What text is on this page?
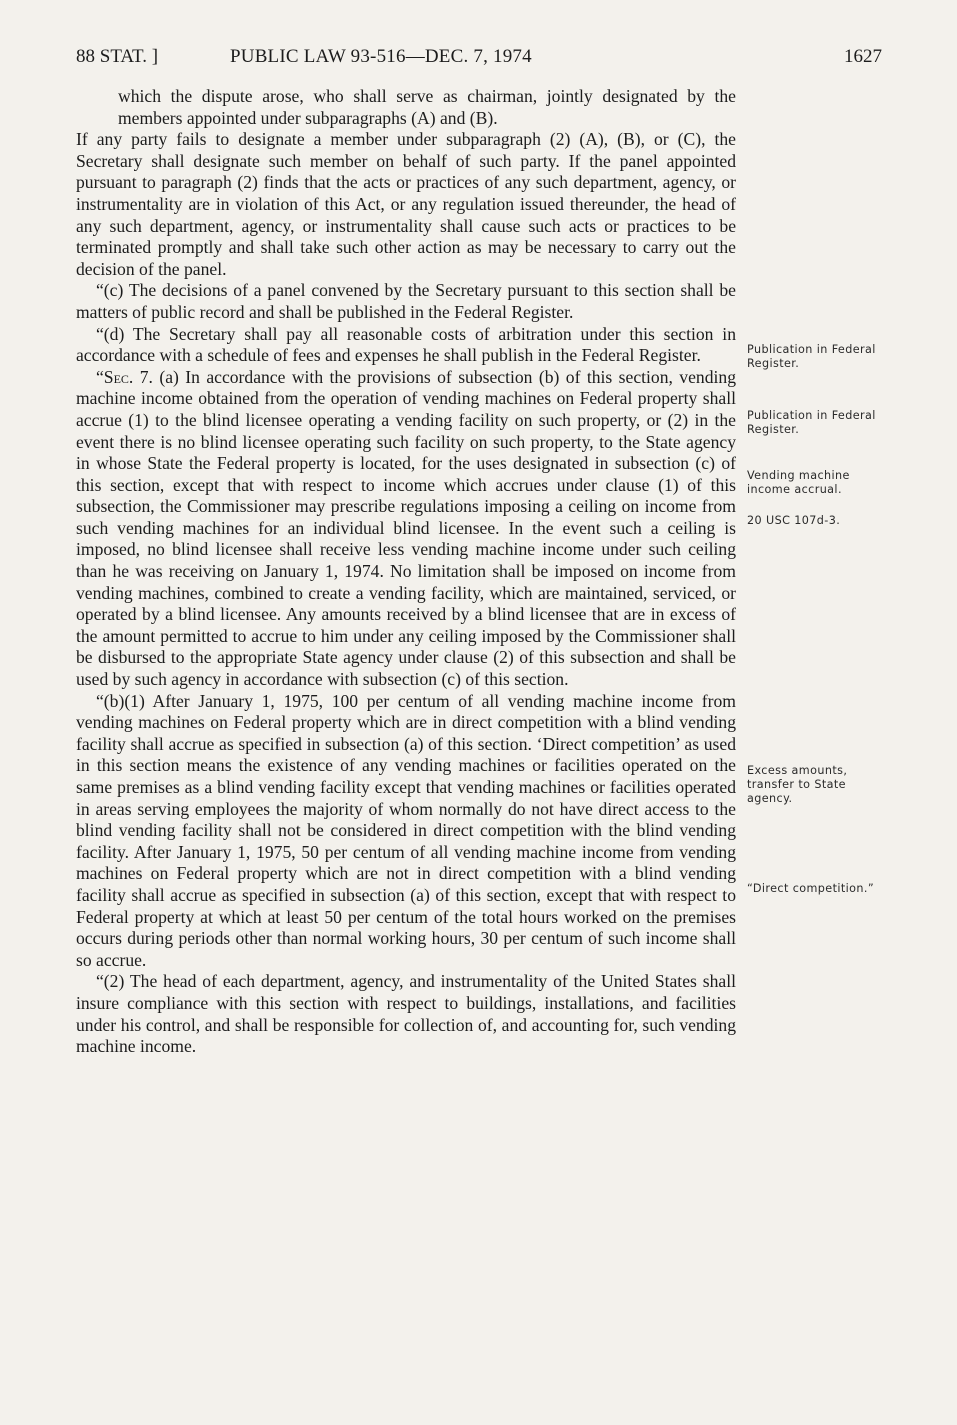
88 STAT. ]	PUBLIC LAW 93-516—DEC. 7, 1974	1627

which the dispute arose, who shall serve as chairman, jointly designated by the members appointed under subparagraphs (A) and (B).

If any party fails to designate a member under subparagraph (2) (A), (B), or (C), the Secretary shall designate such member on behalf of such party. If the panel appointed pursuant to paragraph (2) finds that the acts or practices of any such department, agency, or instrumentality are in violation of this Act, or any regulation issued thereunder, the head of any such department, agency, or instrumentality shall cause such acts or practices to be terminated promptly and shall take such other action as may be necessary to carry out the decision of the panel.

“(c) The decisions of a panel convened by the Secretary pursuant to this section shall be matters of public record and shall be published in the Federal Register.

“(d) The Secretary shall pay all reasonable costs of arbitration under this section in accordance with a schedule of fees and expenses he shall publish in the Federal Register.

“Sec. 7. (a) In accordance with the provisions of subsection (b) of this section, vending machine income obtained from the operation of vending machines on Federal property shall accrue (1) to the blind licensee operating a vending facility on such property, or (2) in the event there is no blind licensee operating such facility on such property, to the State agency in whose State the Federal property is located, for the uses designated in subsection (c) of this section, except that with respect to income which accrues under clause (1) of this subsection, the Commissioner may prescribe regulations imposing a ceiling on income from such vending machines for an individual blind licensee. In the event such a ceiling is imposed, no blind licensee shall receive less vending machine income under such ceiling than he was receiving on January 1, 1974. No limitation shall be imposed on income from vending machines, combined to create a vending facility, which are maintained, serviced, or operated by a blind licensee. Any amounts received by a blind licensee that are in excess of the amount permitted to accrue to him under any ceiling imposed by the Commissioner shall be disbursed to the appropriate State agency under clause (2) of this subsection and shall be used by such agency in accordance with subsection (c) of this section.

“(b)(1) After January 1, 1975, 100 per centum of all vending machine income from vending machines on Federal property which are in direct competition with a blind vending facility shall accrue as specified in subsection (a) of this section. ‘Direct competition’ as used in this section means the existence of any vending machines or facilities operated on the same premises as a blind vending facility except that vending machines or facilities operated in areas serving employees the majority of whom normally do not have direct access to the blind vending facility shall not be considered in direct competition with the blind vending facility. After January 1, 1975, 50 per centum of all vending machine income from vending machines on Federal property which are not in direct competition with a blind vending facility shall accrue as specified in subsection (a) of this section, except that with respect to Federal property at which at least 50 per centum of the total hours worked on the premises occurs during periods other than normal working hours, 30 per centum of such income shall so accrue.

“(2) The head of each department, agency, and instrumentality of the United States shall insure compliance with this section with respect to buildings, installations, and facilities under his control, and shall be responsible for collection of, and accounting for, such vending machine income.

Publication in Federal Register.
Publication in Federal Register.
Vending machine income accrual.
20 USC 107d-3.
Excess amounts, transfer to State agency.
“Direct competition.”
